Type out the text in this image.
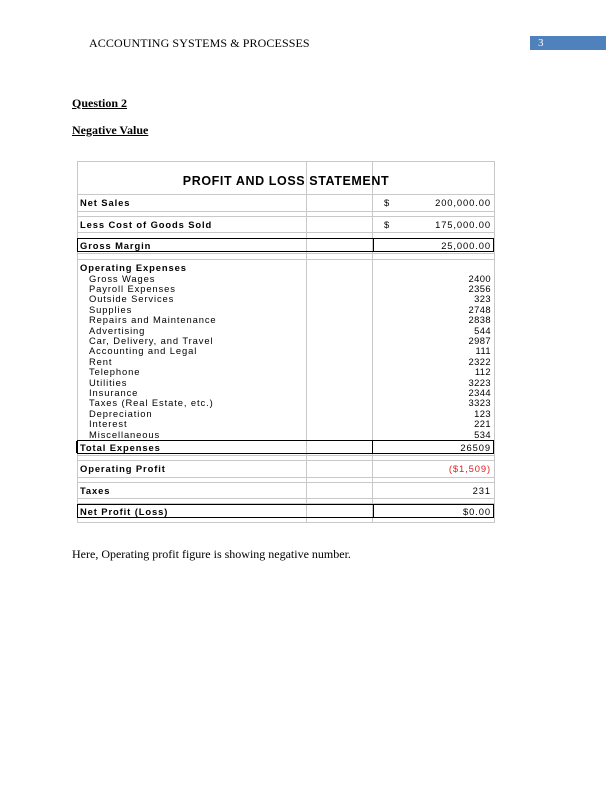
ACCOUNTING SYSTEMS & PROCESSES	3
Question 2
Negative Value
PROFIT AND LOSS STATEMENT
Net Sales	$	200,000.00
Less Cost of Goods Sold	$	175,000.00
Gross Margin	25,000.00
Operating Expenses
Gross Wages	2400
Payroll Expenses	2356
Outside Services	323
Supplies	2748
Repairs and Maintenance	2838
Advertising	544
Car, Delivery, and Travel	2987
Accounting and Legal	111
Rent	2322
Telephone	112
Utilities	3223
Insurance	2344
Taxes (Real Estate, etc.)	3323
Depreciation	123
Interest	221
Miscellaneous	534
Total Expenses	26509
Operating Profit	($1,509)
Taxes	231
Net Profit (Loss)	$0.00
Here, Operating profit figure is showing negative number.
